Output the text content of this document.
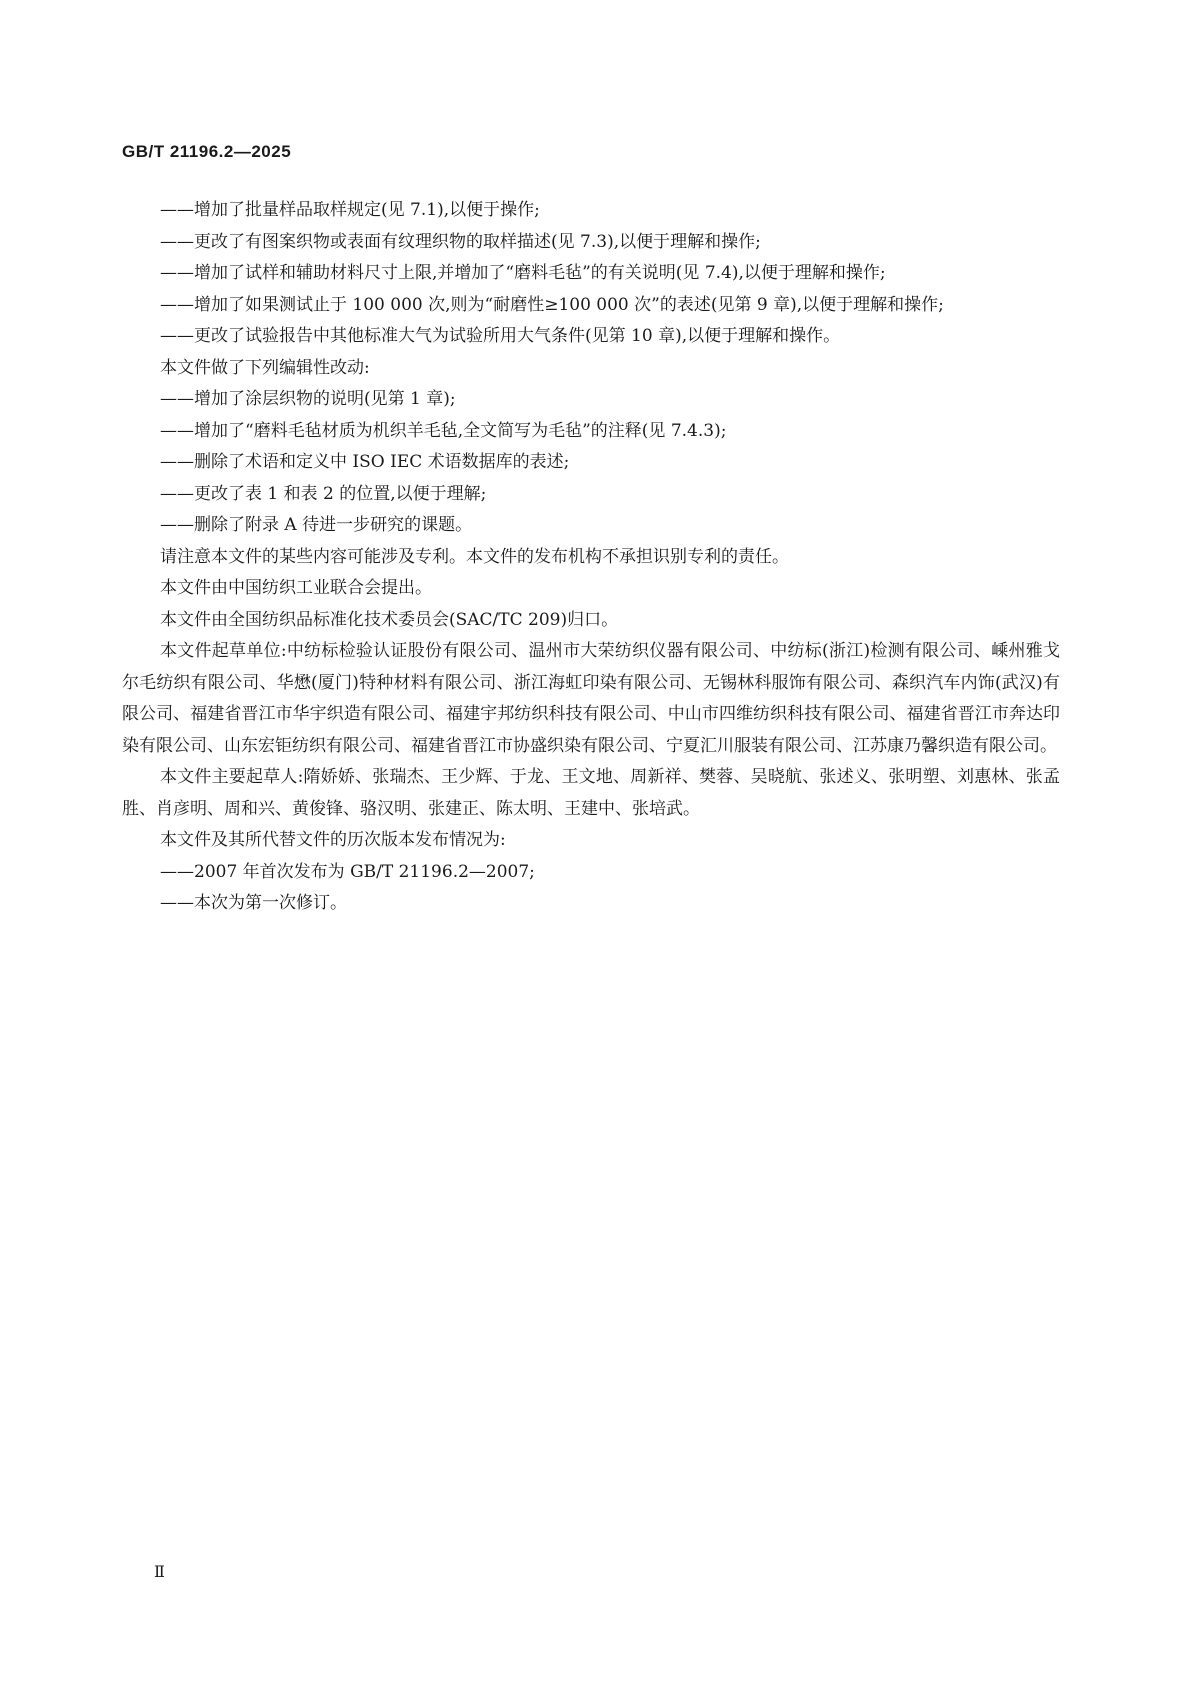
GB/T 21196.2—2025
——增加了批量样品取样规定(见 7.1),以便于操作;
——更改了有图案织物或表面有纹理织物的取样描述(见 7.3),以便于理解和操作;
——增加了试样和辅助材料尺寸上限,并增加了“磨料毛毡”的有关说明(见 7.4),以便于理解和操作;
——增加了如果测试止于 100 000 次,则为“耐磨性≥100 000 次”的表述(见第 9 章),以便于理解和操作;
——更改了试验报告中其他标准大气为试验所用大气条件(见第 10 章),以便于理解和操作。
本文件做了下列编辑性改动:
——增加了涂层织物的说明(见第 1 章);
——增加了“磨料毛毡材质为机织羊毛毡,全文简写为毛毡”的注释(见 7.4.3);
——删除了术语和定义中 ISO IEC 术语数据库的表述;
——更改了表 1 和表 2 的位置,以便于理解;
——删除了附录 A 待进一步研究的课题。
请注意本文件的某些内容可能涉及专利。本文件的发布机构不承担识别专利的责任。
本文件由中国纺织工业联合会提出。
本文件由全国纺织品标准化技术委员会(SAC/TC 209)归口。
本文件起草单位:中纺标检验认证股份有限公司、温州市大荣纺织仪器有限公司、中纺标(浙江)检测有限公司、嵊州雅戈尔毛纺织有限公司、华懋(厦门)特种材料有限公司、浙江海虹印染有限公司、无锡林科服饰有限公司、森织汽车内饰(武汉)有限公司、福建省晋江市华宇织造有限公司、福建宇邦纺织科技有限公司、中山市四维纺织科技有限公司、福建省晋江市奔达印染有限公司、山东宏钜纺织有限公司、福建省晋江市协盛织染有限公司、宁夏汇川服装有限公司、江苏康乃馨织造有限公司。
本文件主要起草人:隋娇娇、张瑞杰、王少辉、于龙、王文地、周新祥、樊蓉、吴晓航、张述义、张明塑、刘惠林、张孟胜、肖彦明、周和兴、黄俊锋、骆汉明、张建正、陈太明、王建中、张培武。
本文件及其所代替文件的历次版本发布情况为:
——2007 年首次发布为 GB/T 21196.2—2007;
——本次为第一次修订。
Ⅱ
